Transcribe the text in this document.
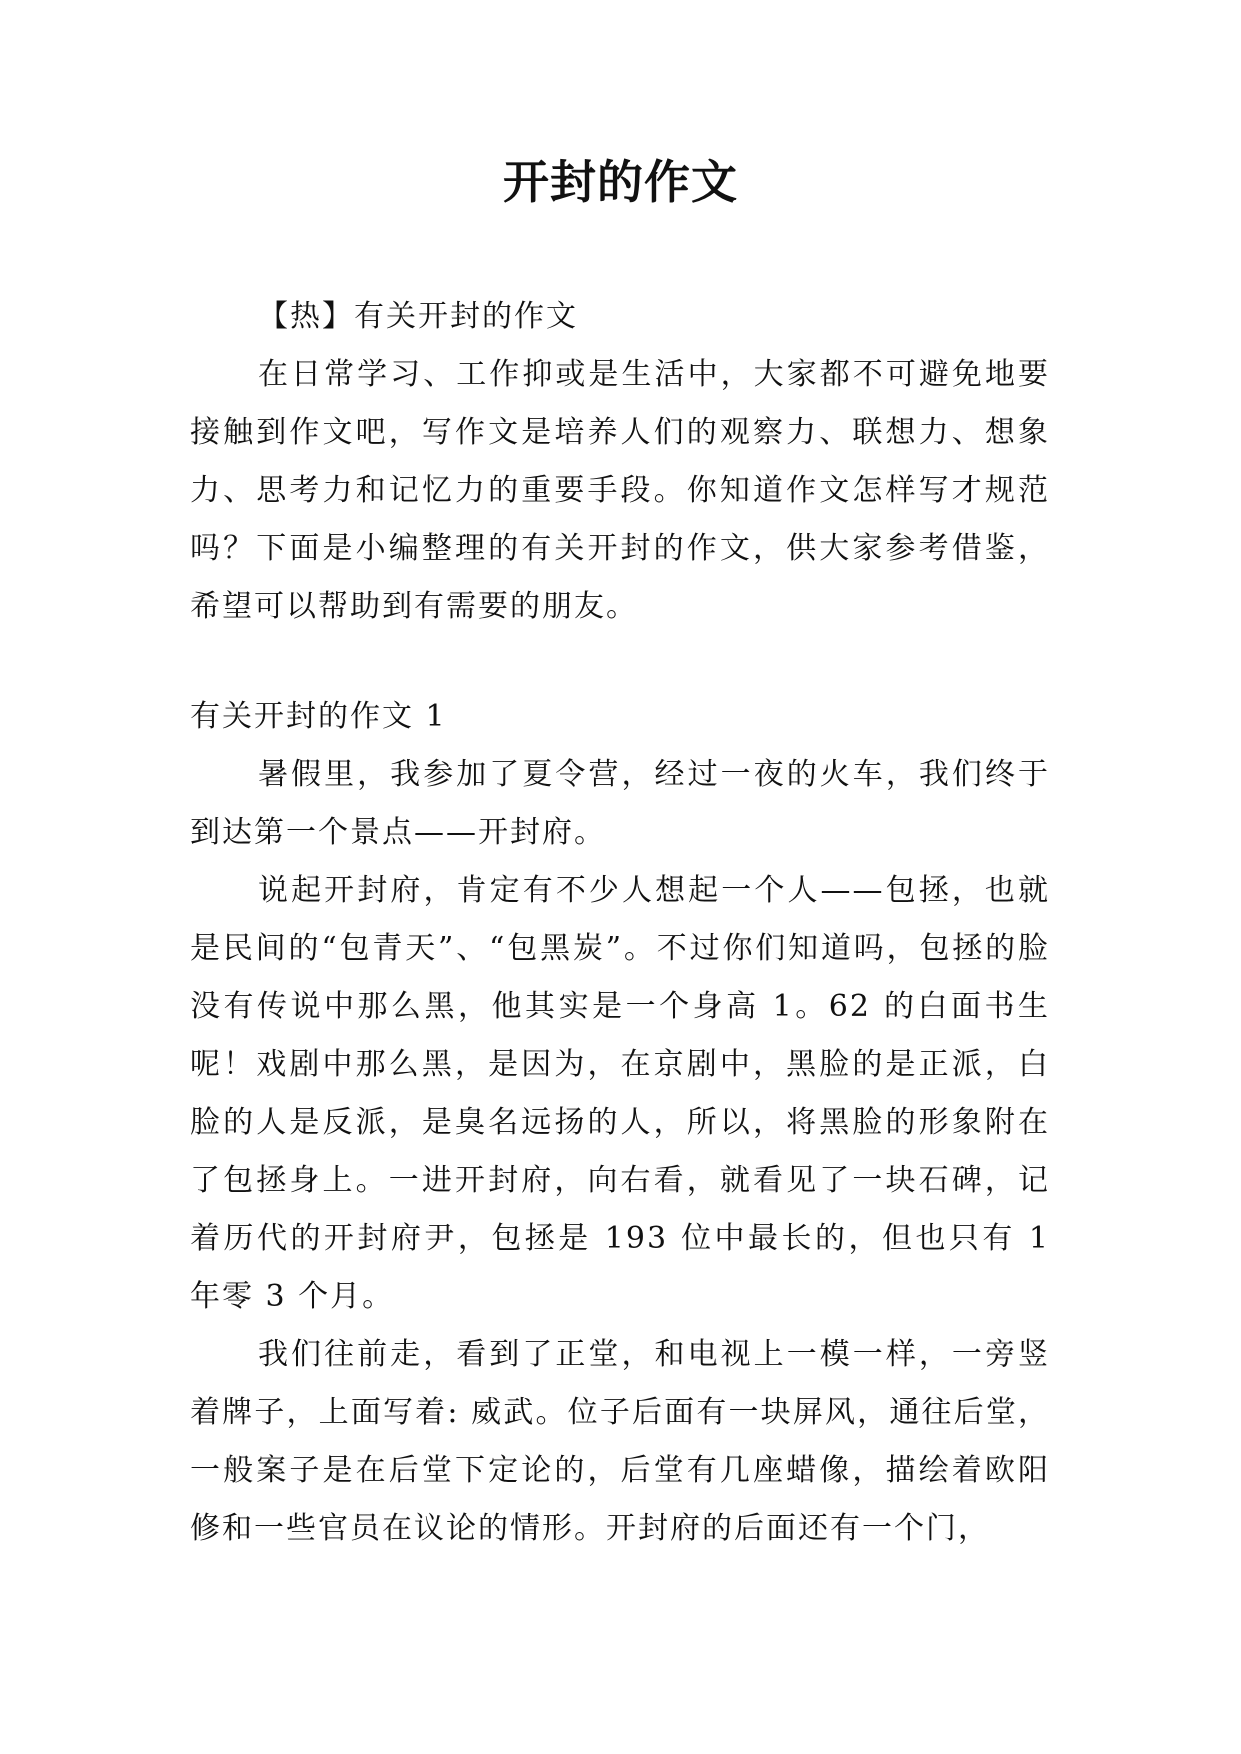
开封的作文

【热】有关开封的作文

在日常学习、工作抑或是生活中，大家都不可避免地要接触到作文吧，写作文是培养人们的观察力、联想力、想象力、思考力和记忆力的重要手段。你知道作文怎样写才规范吗？下面是小编整理的有关开封的作文，供大家参考借鉴，希望可以帮助到有需要的朋友。

有关开封的作文 1

暑假里，我参加了夏令营，经过一夜的火车，我们终于到达第一个景点——开封府。

说起开封府，肯定有不少人想起一个人——包拯，也就是民间的“包青天”、“包黑炭”。不过你们知道吗，包拯的脸没有传说中那么黑，他其实是一个身高 1。62 的白面书生呢！戏剧中那么黑，是因为，在京剧中，黑脸的是正派，白脸的人是反派，是臭名远扬的人，所以，将黑脸的形象附在了包拯身上。一进开封府，向右看，就看见了一块石碑，记着历代的开封府尹，包拯是 193 位中最长的，但也只有 1 年零 3 个月。

我们往前走，看到了正堂，和电视上一模一样，一旁竖着牌子，上面写着: 威武。位子后面有一块屏风，通往后堂，一般案子是在后堂下定论的，后堂有几座蜡像，描绘着欧阳修和一些官员在议论的情形。开封府的后面还有一个门，
